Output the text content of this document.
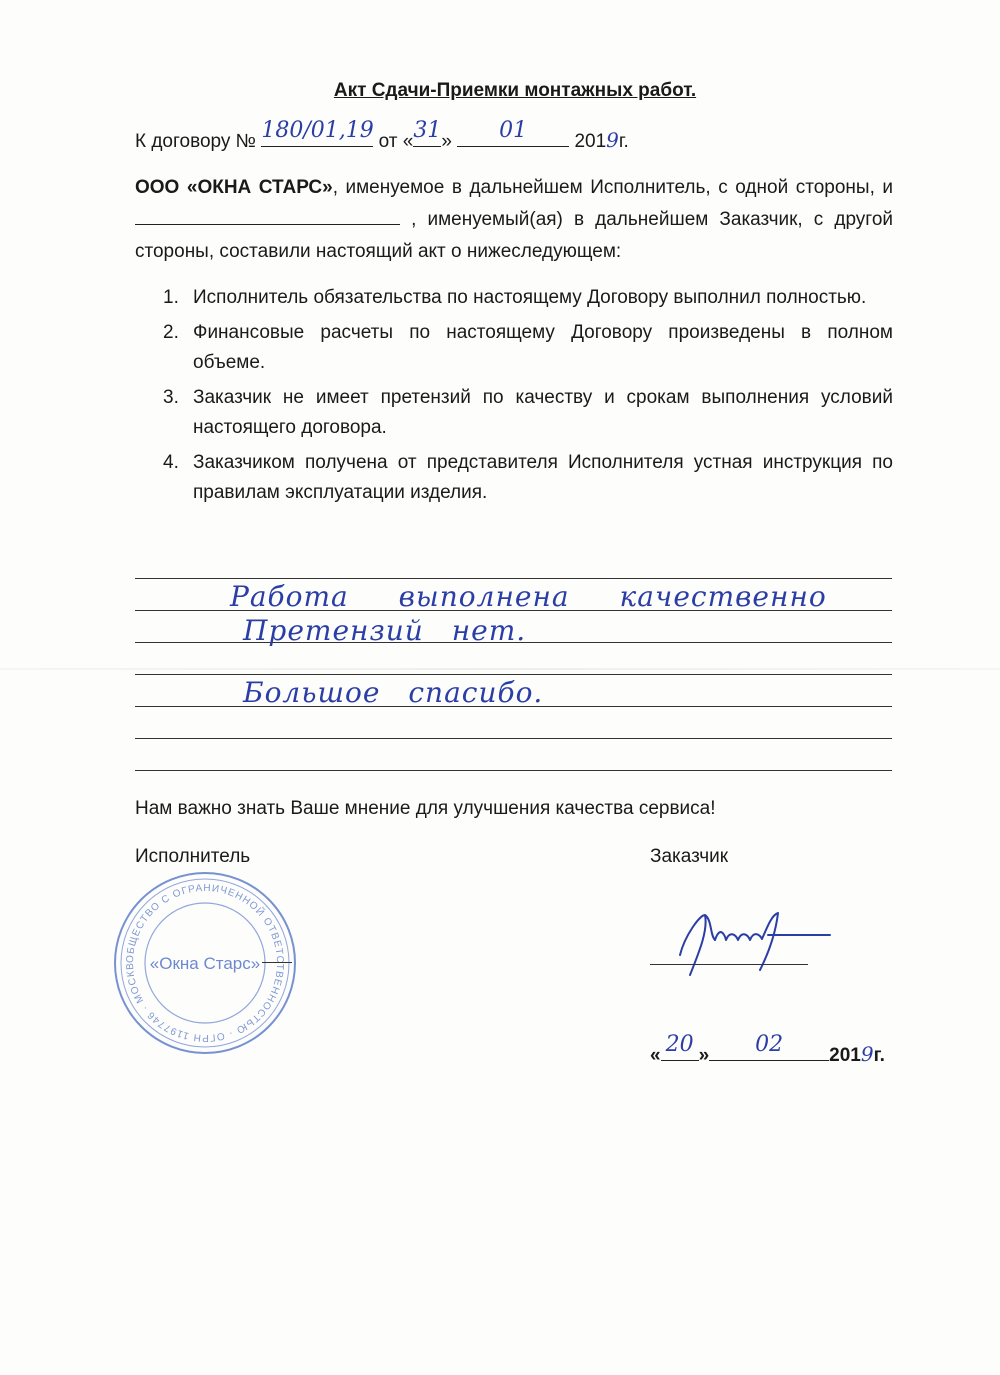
Акт Сдачи-Приемки монтажных работ.
К договору № 180/01,19 от « 31 »	01	2019г.

ООО «ОКНА СТАРС», именуемое в дальнейшем Исполнитель, с одной стороны, и  , именуемый(ая) в дальнейшем Заказчик, с другой стороны, составили настоящий акт о нижеследующем:

1. Исполнитель обязательства по настоящему Договору выполнил полностью.
2. Финансовые расчеты по настоящему Договору произведены в полном объеме.
3. Заказчик не имеет претензий по качеству и срокам выполнения условий настоящего договора.
4. Заказчиком получена от представителя Исполнителя устная инструкция по правилам эксплуатации изделия.
Работа выполнена качественно
Претензий нет.
Большое спасибо.
Нам важно знать Ваше мнение для улучшения качества сервиса!
Исполнитель	Заказчик
ОБЩЕСТВО С ОГРАНИЧЕННОЙ ОТВЕТСТВЕННОСТЬЮ · ОГРН 1197746 · МОСКВ «Окна Старс»
« 20 »	02	2019г.
